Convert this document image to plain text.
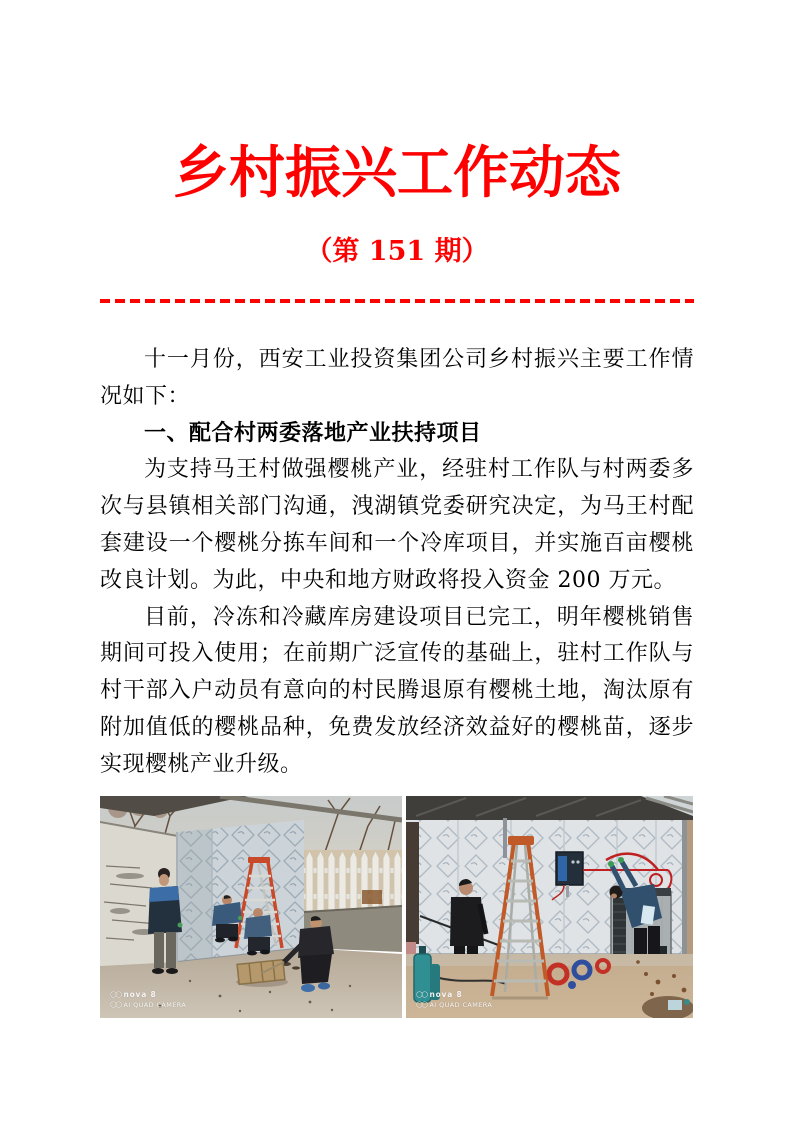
乡村振兴工作动态
（第 151 期）

十一月份，西安工业投资集团公司乡村振兴主要工作情况如下：

一、配合村两委落地产业扶持项目

为支持马王村做强樱桃产业，经驻村工作队与村两委多次与县镇相关部门沟通，洩湖镇党委研究决定，为马王村配套建设一个樱桃分拣车间和一个冷库项目，并实施百亩樱桃改良计划。为此，中央和地方财政将投入资金 200 万元。

目前，冷冻和冷藏库房建设项目已完工，明年樱桃销售期间可投入使用；在前期广泛宣传的基础上，驻村工作队与村干部入户动员有意向的村民腾退原有樱桃土地，淘汰原有附加值低的樱桃品种，免费发放经济效益好的樱桃苗，逐步实现樱桃产业升级。

◯◯ nova 8
◯◯ AI QUAD CAMERA
◯◯ nova 8
◯◯ AI QUAD CAMERA
